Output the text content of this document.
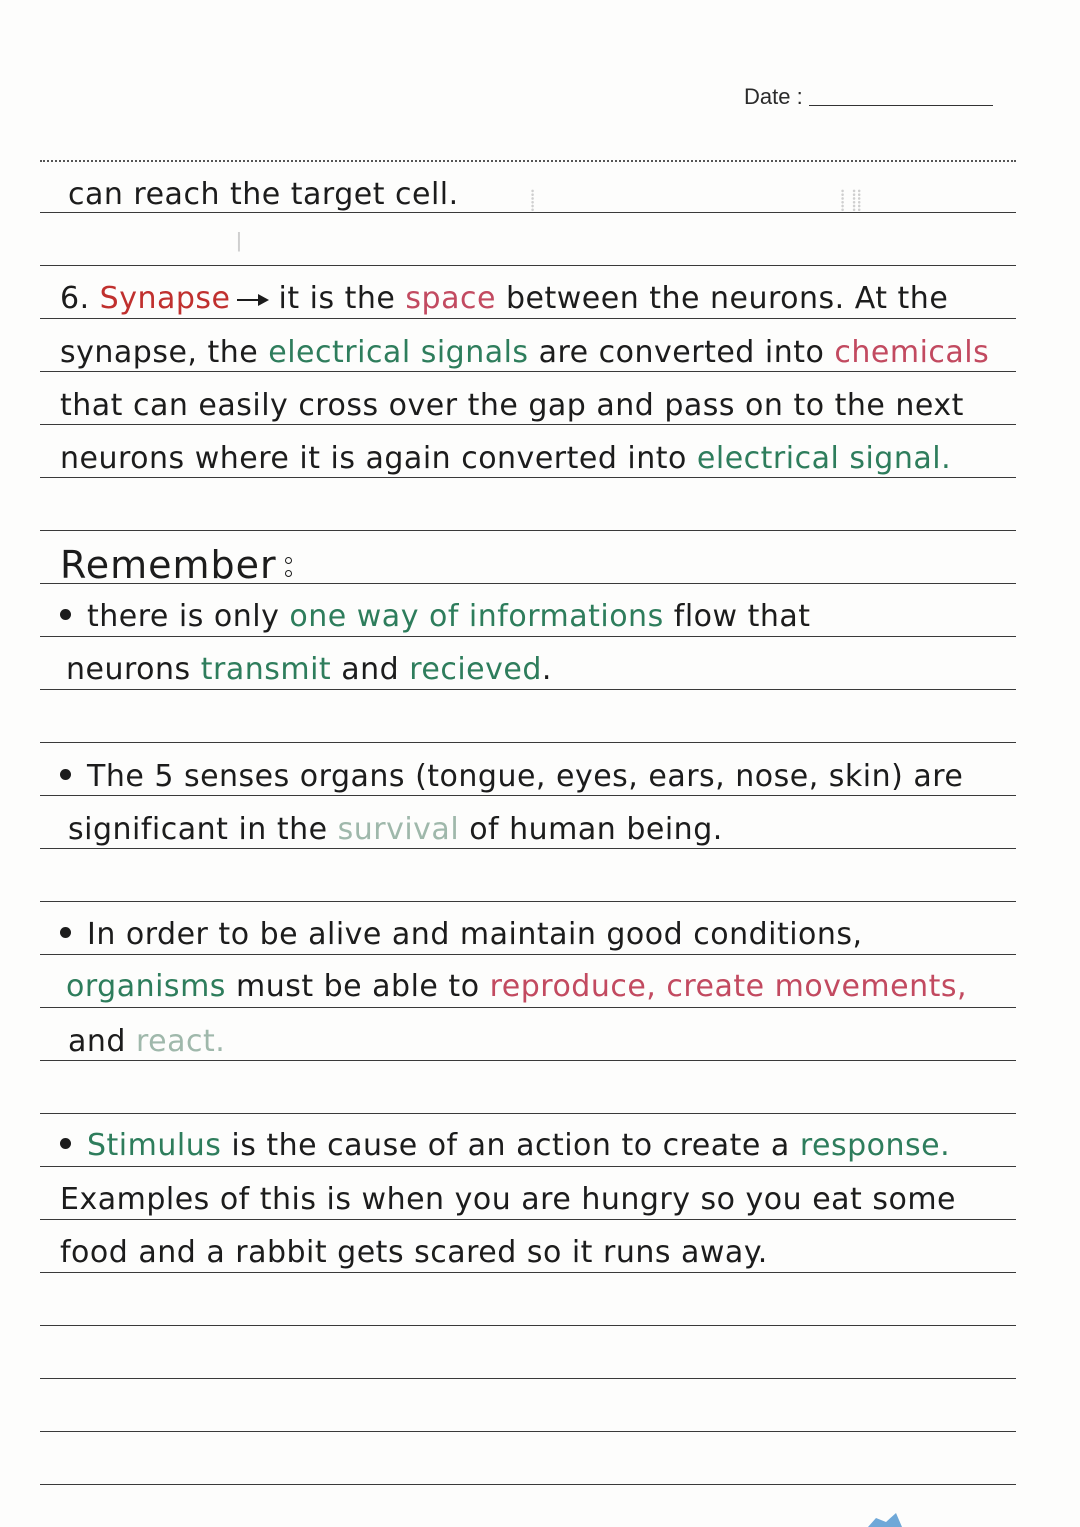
Date :
⸽	⸽ ⸽⸽
ǀ
can reach the target cell.
6. Synapse it is the space between the neurons. At the
synapse, the electrical signals are converted into chemicals
that can easily cross over the gap and pass on to the next
neurons where it is again converted into electrical signal.
Remember
there is only one way of informations flow that
neurons transmit and recieved.
The 5 senses organs (tongue, eyes, ears, nose, skin) are
significant in the survival of human being.
In order to be alive and maintain good conditions,
organisms must be able to reproduce, create movements,
and react.
Stimulus is the cause of an action to create a response.
Examples of this is when you are hungry so you eat some
food and a rabbit gets scared so it runs away.
